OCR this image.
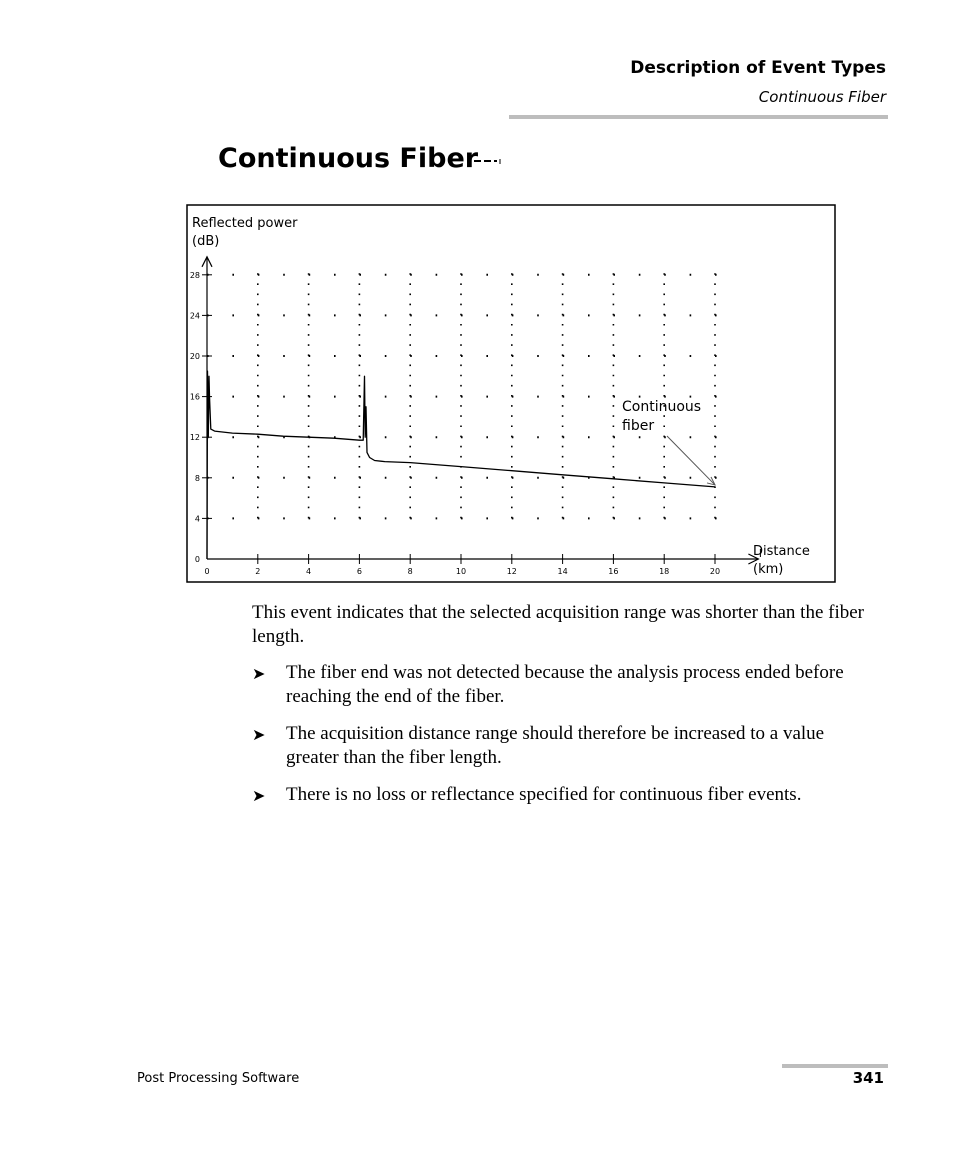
Description of Event Types
Continuous Fiber
Continuous Fiber
Reflected power
(dB)
Distance
(km)
Continuous
fiber
0	2	4	6	8	10	12	14	16	18	20
0
4
8
12
16
20
24
28
This event indicates that the selected acquisition range was shorter than the fiber length.
➤ The fiber end was not detected because the analysis process ended before reaching the end of the fiber.
➤ The acquisition distance range should therefore be increased to a value greater than the fiber length.
➤ There is no loss or reflectance specified for continuous fiber events.
Post Processing Software	341
